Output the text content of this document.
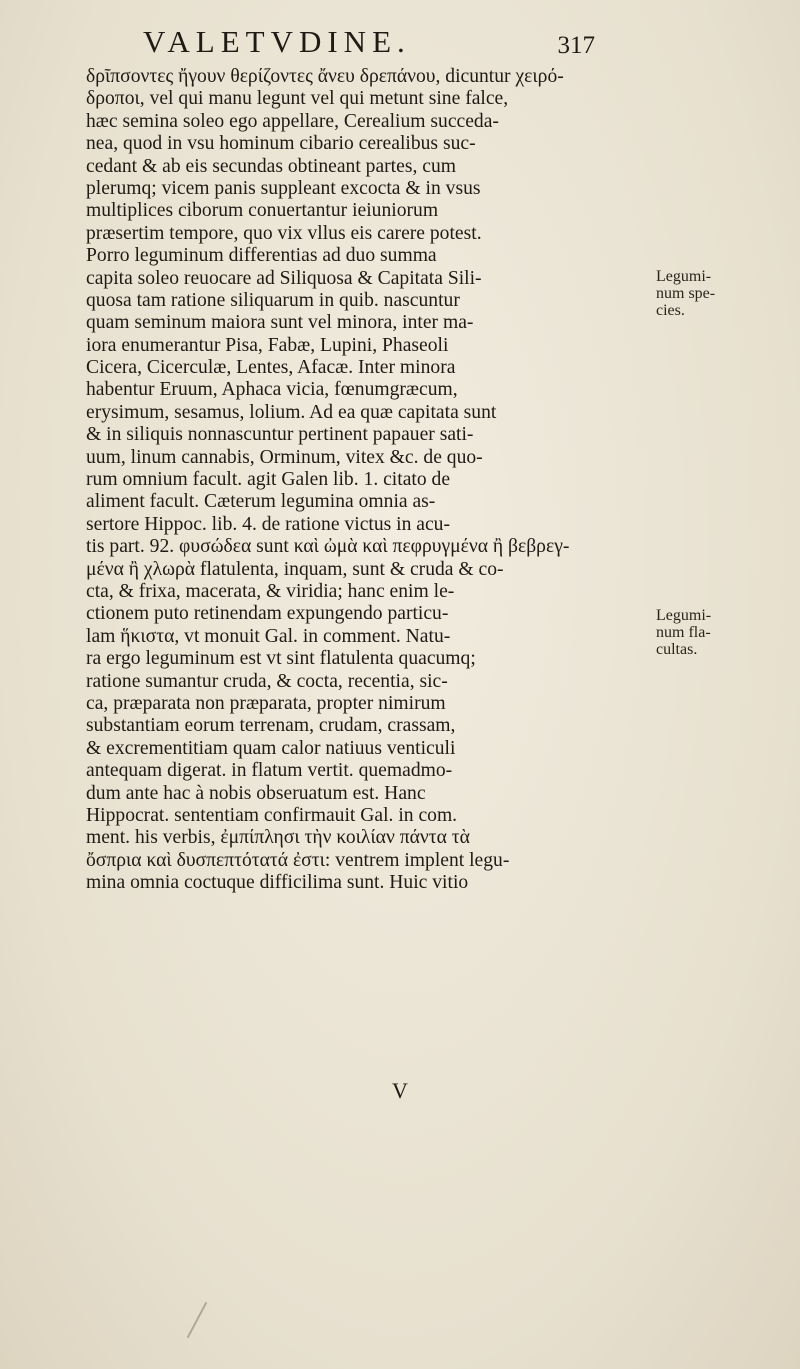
VALETVDINE.	317
δρῖπσοντες ἤγουν θερίζοντες ἄνευ δρεπάνου, dicuntur χειρό-
δροποι, vel qui manu legunt vel qui metunt sine falce,
hæc semina soleo ego appellare, Cerealium succeda-
nea, quod in vsu hominum cibario cerealibus suc-
cedant & ab eis secundas obtineant partes, cum
plerumq; vicem panis suppleant excocta & in vsus
multiplices ciborum conuertantur ieiuniorum
præsertim tempore, quo vix vllus eis carere potest.
Porro leguminum differentias ad duo summa
capita soleo reuocare ad Siliquosa & Capitata Sili-
quosa tam ratione siliquarum in quib. nascuntur
quam seminum maiora sunt vel minora, inter ma-
iora enumerantur Pisa, Fabæ, Lupini, Phaseoli
Cicera, Cicerculæ, Lentes, Afacæ. Inter minora
habentur Eruum, Aphaca vicia, fœnumgræcum,
erysimum, sesamus, lolium. Ad ea quæ capitata sunt
& in siliquis nonnascuntur pertinent papauer sati-
uum, linum cannabis, Orminum, vitex &c. de quo-
rum omnium facult. agit Galen lib. 1. citato de
aliment facult. Cæterum legumina omnia as-
sertore Hippoc. lib. 4. de ratione victus in acu-
tis part. 92. φυσώδεα sunt καὶ ὠμὰ καὶ πεφρυγμένα ἢ βεβρεγ-
μένα ἢ χλωρὰ flatulenta, inquam, sunt & cruda & co-
cta, & frixa, macerata, & viridia; hanc enim le-
ctionem puto retinendam expungendo particu-
lam ἥκιστα, vt monuit Gal. in comment. Natu-
ra ergo leguminum est vt sint flatulenta quacumq;
ratione sumantur cruda, & cocta, recentia, sic-
ca, præparata non præparata, propter nimirum
substantiam eorum terrenam, crudam, crassam,
& excrementitiam quam calor natiuus venticuli
antequam digerat. in flatum vertit. quemadmo-
dum ante hac à nobis obseruatum est. Hanc
Hippocrat. sententiam confirmauit Gal. in com.
ment. his verbis, ἐμπίπλησι τὴν κοιλίαν πάντα τὰ
ὄσπρια καὶ δυσπεπτότατά ἐστι: ventrem implent legu-
mina omnia coctuque difficilima sunt. Huic vitio
Legumi-
num spe-
cies.
Legumi-
num fla-
cultas.
V
